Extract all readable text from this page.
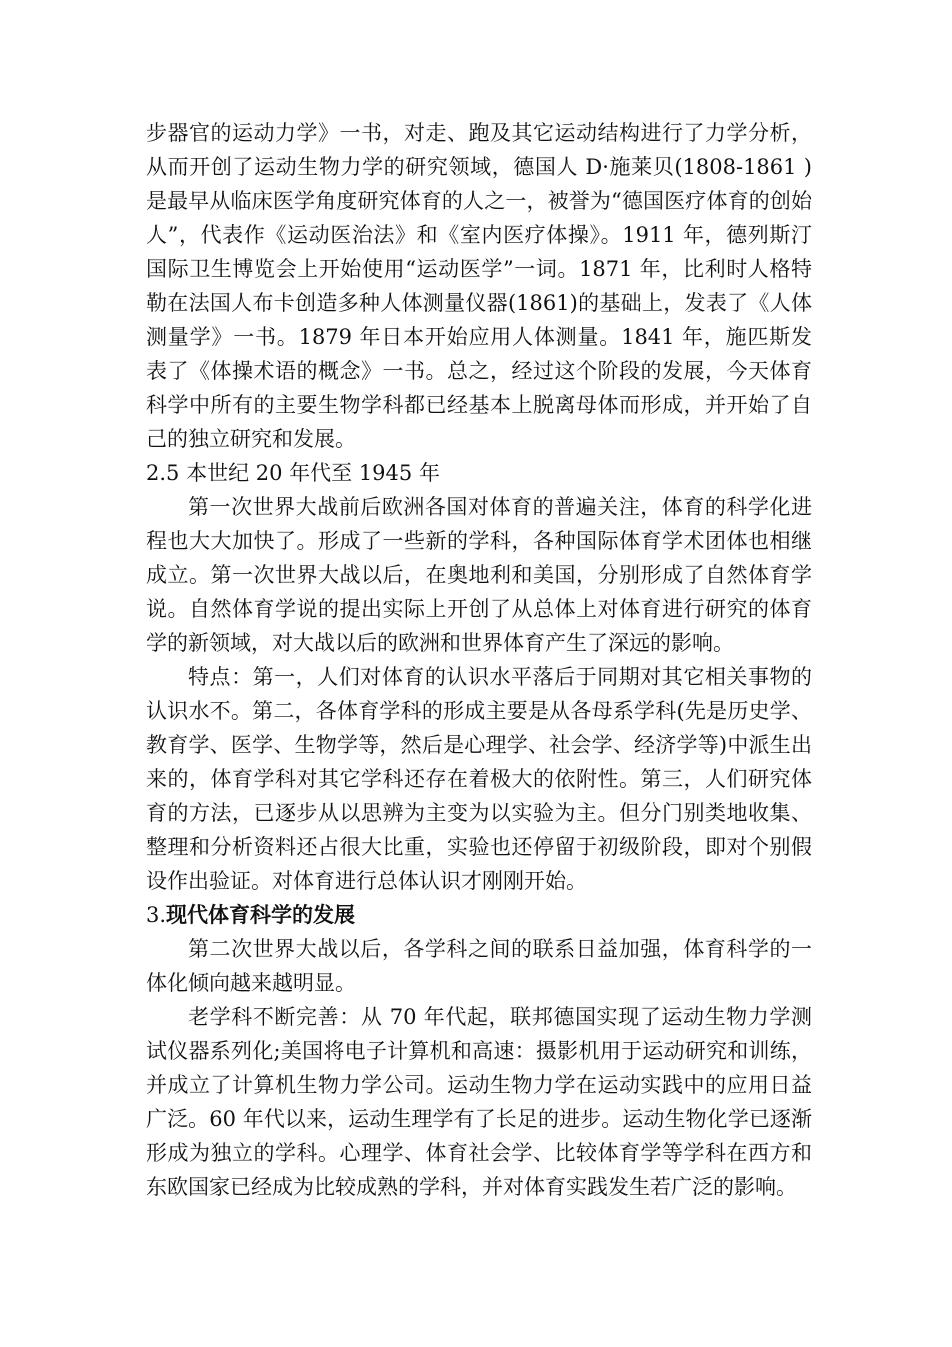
步器官的运动力学》一书，对走、跑及其它运动结构进行了力学分析，从而开创了运动生物力学的研究领域，德国人 D·施莱贝(1808-1861 )是最早从临床医学角度研究体育的人之一，被誉为“德国医疗体育的创始人”，代表作《运动医治法》和《室内医疗体操》。1911 年，德列斯汀国际卫生博览会上开始使用“运动医学”一词。1871 年，比利时人格特勒在法国人布卡创造多种人体测量仪器(1861)的基础上，发表了《人体测量学》一书。1879 年日本开始应用人体测量。1841 年，施匹斯发表了《体操术语的概念》一书。总之，经过这个阶段的发展，今天体育科学中所有的主要生物学科都已经基本上脱离母体而形成，并开始了自己的独立研究和发展。

2.5 本世纪 20 年代至 1945 年

第一次世界大战前后欧洲各国对体育的普遍关注，体育的科学化进程也大大加快了。形成了一些新的学科，各种国际体育学术团体也相继成立。第一次世界大战以后，在奥地利和美国，分别形成了自然体育学说。自然体育学说的提出实际上开创了从总体上对体育进行研究的体育学的新领域，对大战以后的欧洲和世界体育产生了深远的影响。

特点：第一，人们对体育的认识水平落后于同期对其它相关事物的认识水不。第二，各体育学科的形成主要是从各母系学科(先是历史学、教育学、医学、生物学等，然后是心理学、社会学、经济学等)中派生出来的，体育学科对其它学科还存在着极大的依附性。第三，人们研究体育的方法，已逐步从以思辨为主变为以实验为主。但分门别类地收集、整理和分析资料还占很大比重，实验也还停留于初级阶段，即对个别假设作出验证。对体育进行总体认识才刚刚开始。

3.现代体育科学的发展

第二次世界大战以后，各学科之间的联系日益加强，体育科学的一体化倾向越来越明显。

老学科不断完善：从 70 年代起，联邦德国实现了运动生物力学测试仪器系列化;美国将电子计算机和高速：摄影机用于运动研究和训练，并成立了计算机生物力学公司。运动生物力学在运动实践中的应用日益广泛。60 年代以来，运动生理学有了长足的进步。运动生物化学已逐渐形成为独立的学科。心理学、体育社会学、比较体育学等学科在西方和东欧国家已经成为比较成熟的学科，并对体育实践发生若广泛的影响。
